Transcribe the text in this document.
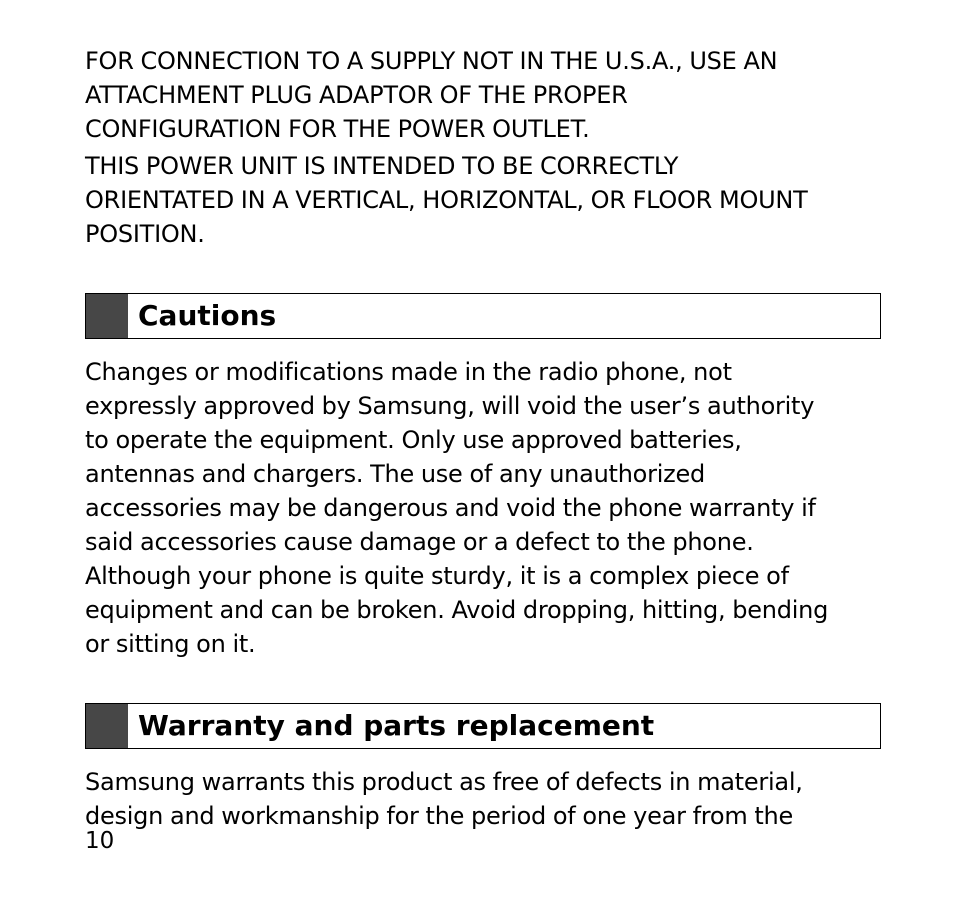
FOR CONNECTION TO A SUPPLY NOT IN THE U.S.A., USE AN
ATTACHMENT PLUG ADAPTOR OF THE PROPER
CONFIGURATION FOR THE POWER OUTLET.

THIS POWER UNIT IS INTENDED TO BE CORRECTLY
ORIENTATED IN A VERTICAL, HORIZONTAL, OR FLOOR MOUNT
POSITION.

Cautions

Changes or modifications made in the radio phone, not
expressly approved by Samsung, will void the user’s authority
to operate the equipment. Only use approved batteries,
antennas and chargers. The use of any unauthorized
accessories may be dangerous and void the phone warranty if
said accessories cause damage or a defect to the phone.
Although your phone is quite sturdy, it is a complex piece of
equipment and can be broken. Avoid dropping, hitting, bending
or sitting on it.

Warranty and parts replacement

Samsung warrants this product as free of defects in material,
design and workmanship for the period of one year from the

10
